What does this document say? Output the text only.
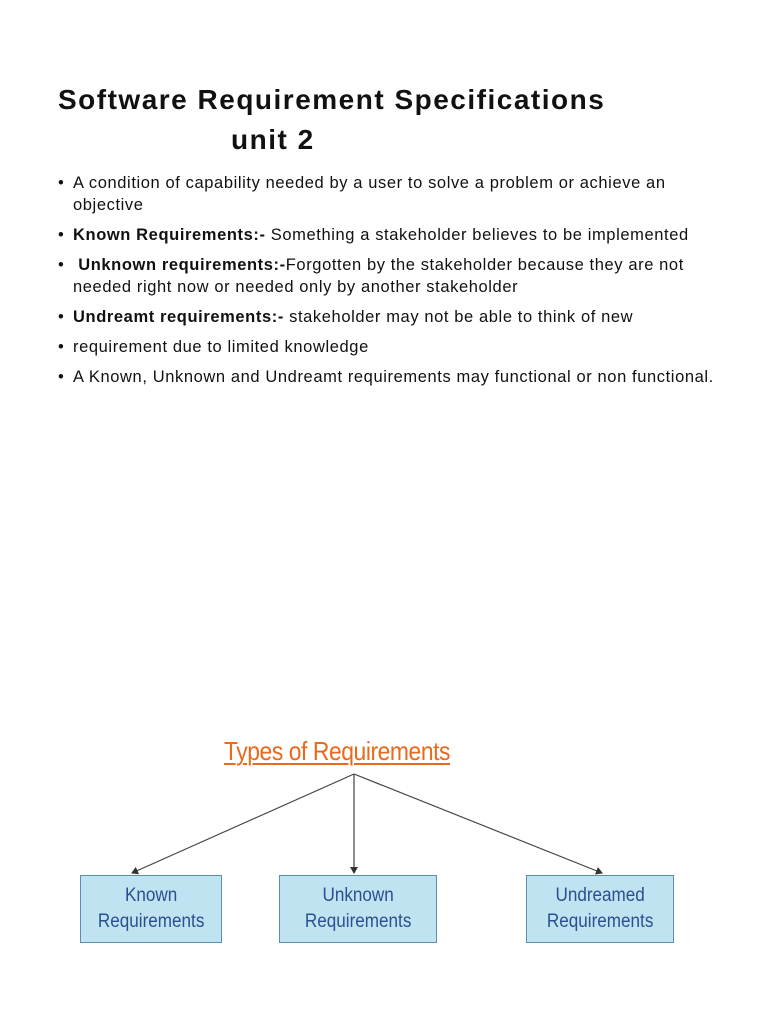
Software Requirement Specifications
unit 2
• A condition of capability needed by a user to solve a problem or achieve an objective
• Known Requirements:- Something a stakeholder believes to be implemented
• Unknown requirements:-Forgotten by the stakeholder because they are not needed right now or needed only by another stakeholder
• Undreamt requirements:- stakeholder may not be able to think of new
• requirement due to limited knowledge
• A Known, Unknown and Undreamt requirements may functional or non functional.
Types of Requirements
Known
Requirements
Unknown
Requirements
Undreamed
Requirements
